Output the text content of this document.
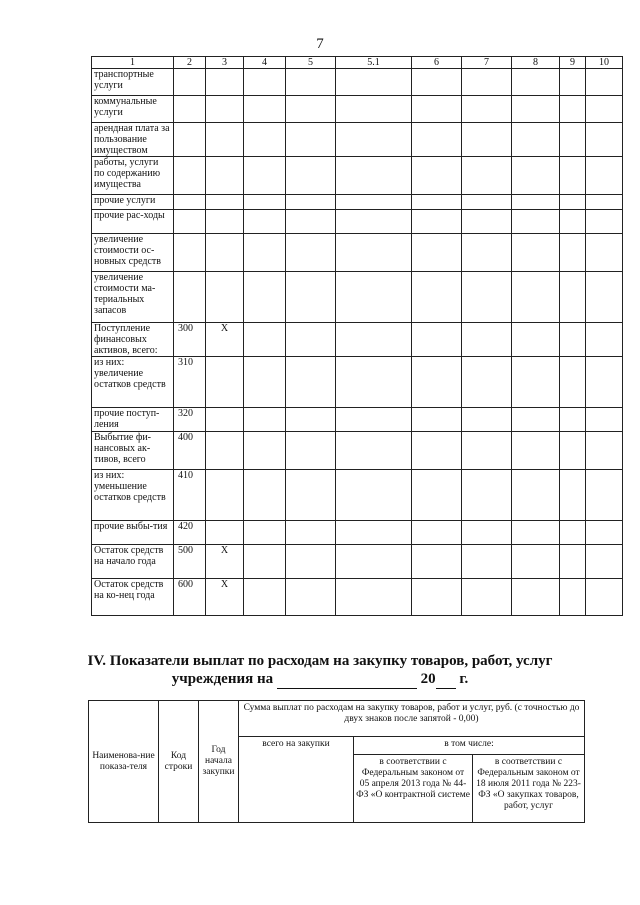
7
1	2	3	4	5	5.1	6	7	8	9	10
транспортные услуги										
коммунальные услуги										
арендная плата за пользование имуществом										
работы, услуги по содержанию имущества										
прочие услуги										
прочие рас-ходы										
увеличение стоимости ос-новных средств										
увеличение стоимости ма-териальных запасов										
Поступление финансовых активов, всего:	300	X								
из них: увеличение остатков средств	310									
прочие поступ-ления	320									
Выбытие фи-нансовых ак-тивов, всего	400									
из них: уменьшение остатков средств	410									
прочие выбы-тия	420									
Остаток средств на начало года	500	X								
Остаток средств на ко-нец года	600	X								
IV. Показатели выплат по расходам на закупку товаров, работ, услуг
учреждения на	20 г.
Наименова-ние показа-теля	Код строки	Год начала закупки	Сумма выплат по расходам на закупку товаров, работ и услуг, руб. (с точностью до двух знаков после запятой - 0,00)		
			всего на закупки	в том числе:	
				в соответствии с Федеральным законом от 05 апреля 2013 года № 44-ФЗ «О контрактной системе	в соответствии с Федеральным законом от 18 июля 2011 года № 223-ФЗ «О закупках товаров, работ, услуг
